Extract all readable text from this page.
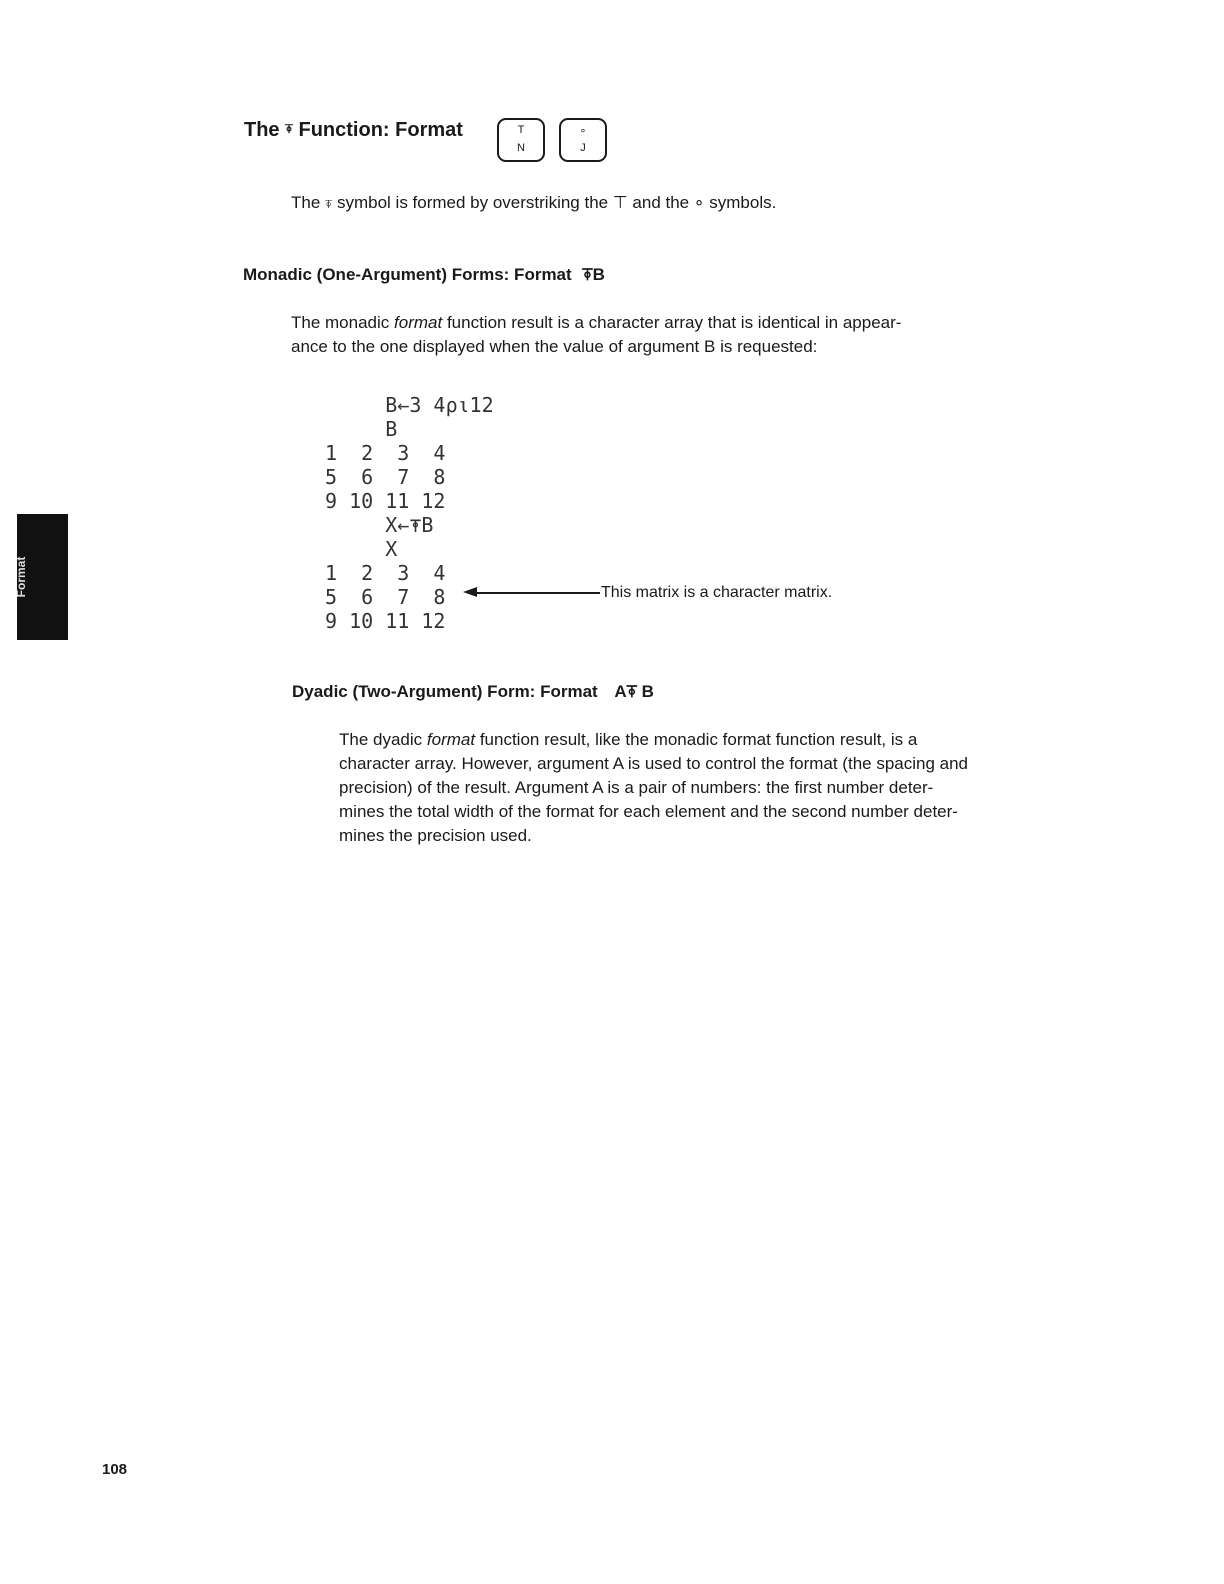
The ⍕ Function: Format	T
N
∘
J
The ⍕ symbol is formed by overstriking the ⊤ and the ∘ symbols.
Monadic (One-Argument) Forms: Format ⍕B

The monadic format function result is a character array that is identical in appear-

ance to the one displayed when the value of argument B is requested:

B←3 4⍴⍳12
B
1  2  3  4
5  6  7  8
9 10 11 12
X←⍕B
X
1  2  3  4
5  6  7  8
9 10 11 12
This matrix is a character matrix.
Format
Dyadic (Two-Argument) Form: Format A⍕ B

The dyadic format function result, like the monadic format function result, is a

character array. However, argument A is used to control the format (the spacing and

precision) of the result. Argument A is a pair of numbers: the first number deter-

mines the total width of the format for each element and the second number deter-

mines the precision used.

108
